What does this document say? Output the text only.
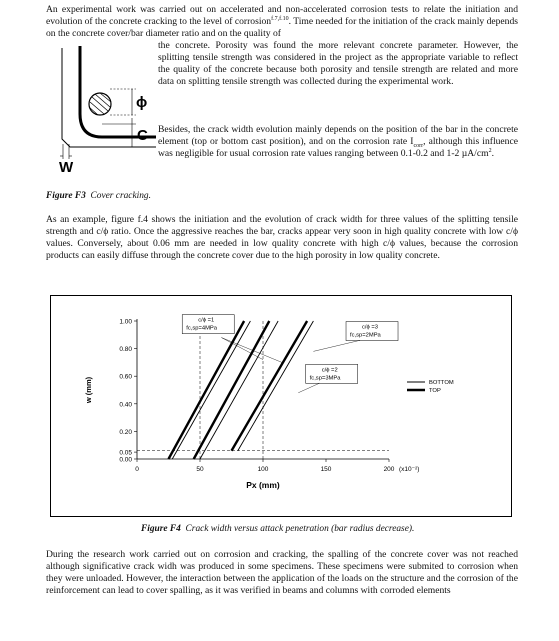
An experimental work was carried out on accelerated and non-accelerated corrosion tests to relate the initiation and evolution of the concrete cracking to the level of corrosion$^{f.7,f.10}$. Time needed for the initiation of the crack mainly depends on the concrete cover/bar diameter ratio and on the quality of

the concrete. Porosity was found the more relevant concrete parameter. However, the splitting tensile strength was considered in the project as the appropriate variable to reflect the quality of the concrete because both porosity and tensile strength are related and more data on splitting tensile strength was collected during the experimental work.

Besides, the crack width evolution mainly depends on the position of the bar in the concrete element (top or bottom cast position), and on the corrosion rate $I_{corr}$, although this influence was negligible for usual corrosion rate values ranging between 0.1-0.2 and 1-2 $\mu A/cm^2$.

ϕ
C
W
Figure F3 Cover cracking.

As an example, figure f.4 shows the initiation and the evolution of crack width for three values of the splitting tensile strength and c/ϕ ratio. Once the aggressive reaches the bar, cracks appear very soon in high quality concrete with low c/ϕ values. Conversely, about 0.06 mm are needed in low quality concrete with high c/ϕ values, because the corrosion products can easily diffuse through the concrete cover due to the high porosity in low quality concrete.

1.00
0.80
0.60
0.40
0.20
0.05
0.00
0	50	100	150	200 (x10⁻²)
Px (mm)
w (mm)
c/ϕ =1
fc,sp=4MPa	c/ϕ =3
fc,sp=2MPa
c/ϕ =2
fc,sp=3MPa
BOTTOM
TOP
Figure F4 Crack width versus attack penetration (bar radius decrease).

During the research work carried out on corrosion and cracking, the spalling of the concrete cover was not reached although significative crack widh was produced in some specimens. These specimens were submited to corrosion when they were unloaded. However, the interaction between the application of the loads on the structure and the corrosion of the reinforcement can lead to cover spalling, as it was verified in beams and columns with corroded elements
